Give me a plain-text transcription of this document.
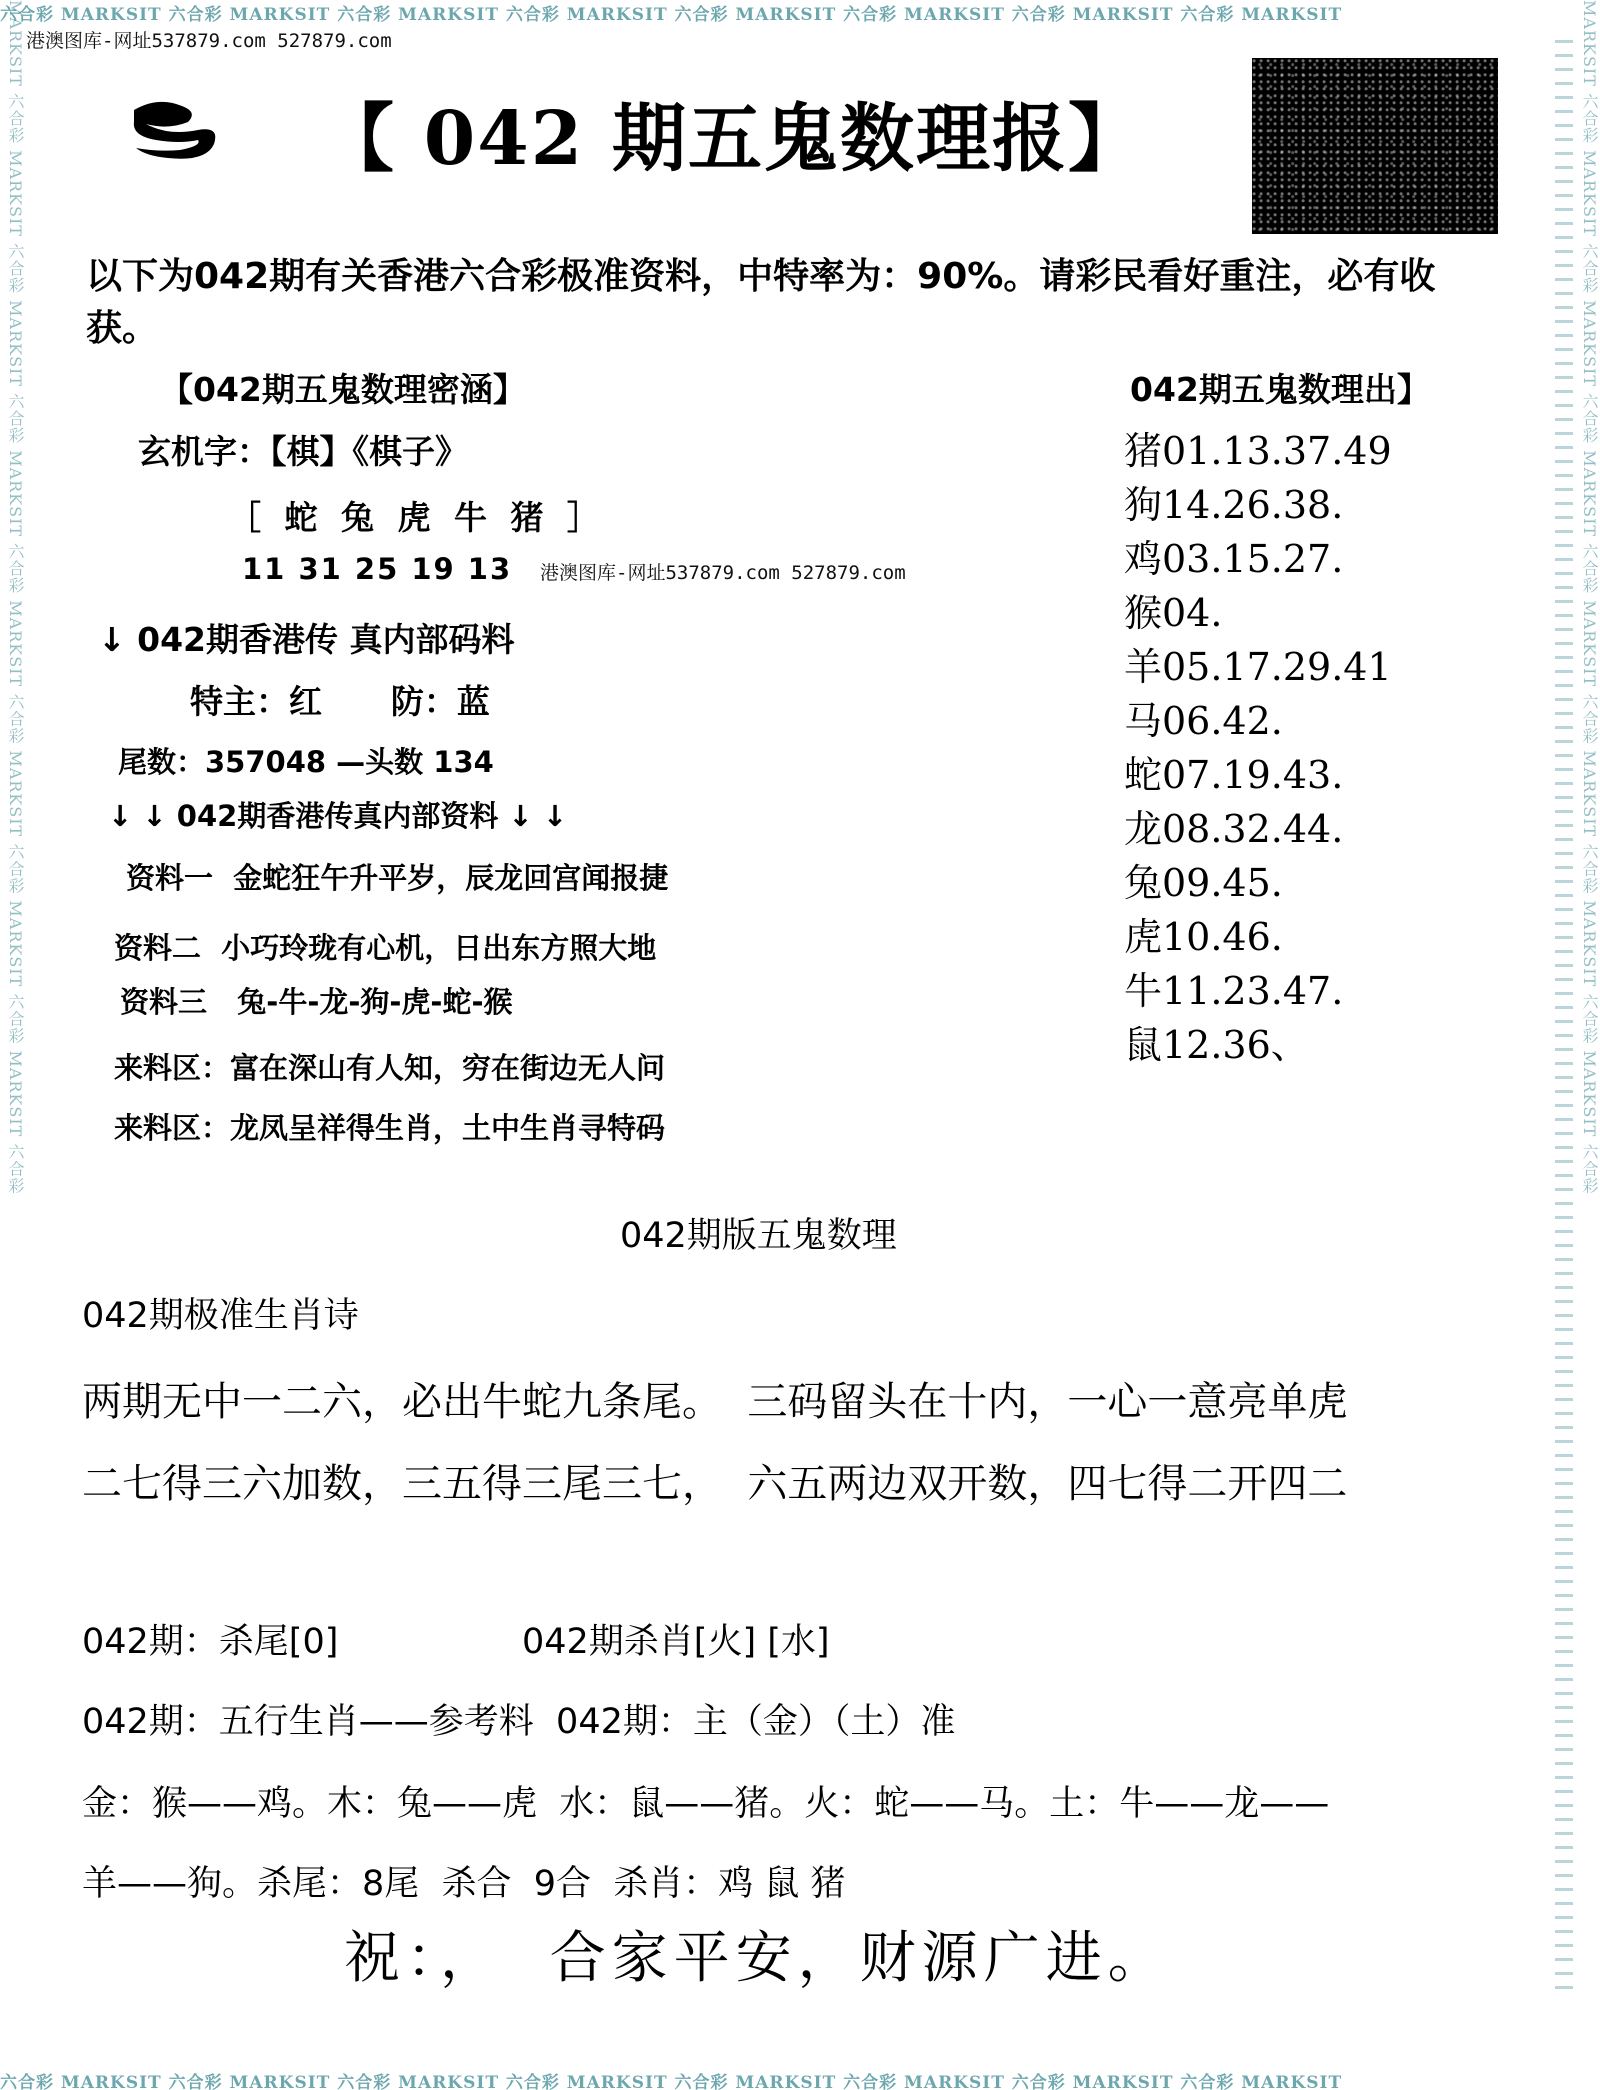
六合彩 MARKSIT 六合彩 MARKSIT 六合彩 MARKSIT 六合彩 MARKSIT 六合彩 MARKSIT 六合彩 MARKSIT 六合彩 MARKSIT 六合彩 MARKSIT
六合彩 MARKSIT 六合彩 MARKSIT 六合彩 MARKSIT 六合彩 MARKSIT 六合彩 MARKSIT 六合彩 MARKSIT 六合彩 MARKSIT 六合彩 MARKSIT
MARKSIT 六合彩 MARKSIT 六合彩 MARKSIT 六合彩 MARKSIT 六合彩 MARKSIT 六合彩 MARKSIT 六合彩 MARKSIT 六合彩 MARKSIT 六合彩	MARKSIT 六合彩 MARKSIT 六合彩 MARKSIT 六合彩 MARKSIT 六合彩 MARKSIT 六合彩 MARKSIT 六合彩 MARKSIT 六合彩 MARKSIT 六合彩
港澳图库-网址537879.com 527879.com
【 042 期五鬼数理报】
以下为042期有关香港六合彩极准资料，中特率为：90%。请彩民看好重注，必有收
获。
【042期五鬼数理密涵】
玄机字：【棋】《棋子》
［ 蛇 兔 虎 牛 猪 ］
11 31 25 19 13 港澳图库-网址537879.com 527879.com
↓ 042期香港传 真内部码料
特主：红      防：蓝
尾数：357048 —头数 134
↓ ↓ 042期香港传真内部资料 ↓ ↓
资料一  金蛇狂午升平岁，辰龙回宫闻报捷
资料二  小巧玲珑有心机，日出东方照大地
资料三   兔-牛-龙-狗-虎-蛇-猴
来料区：富在深山有人知，穷在街边无人问
来料区：龙凤呈祥得生肖，土中生肖寻特码
042期五鬼数理出】
猪01.13.37.49
狗14.26.38.
鸡03.15.27.
猴04.
羊05.17.29.41
马06.42.
蛇07.19.43.
龙08.32.44.
兔09.45.
虎10.46.
牛11.23.47.
鼠12.36、
042期版五鬼数理
042期极准生肖诗
两期无中一二六，必出牛蛇九条尾。  三码留头在十内，一心一意亮单虎
二七得三六加数，三五得三尾三七，  六五两边双开数，四七得二开四二
042期：杀尾[0]	042期杀肖[火] [水]
042期：五行生肖——参考料  042期：主（金）（土）准
金：猴——鸡。木：兔——虎  水：鼠——猪。火：蛇——马。土：牛——龙——
羊——狗。杀尾：8尾  杀合  9合  杀肖：鸡 鼠 猪
祝：，  合家平安，财源广进。
